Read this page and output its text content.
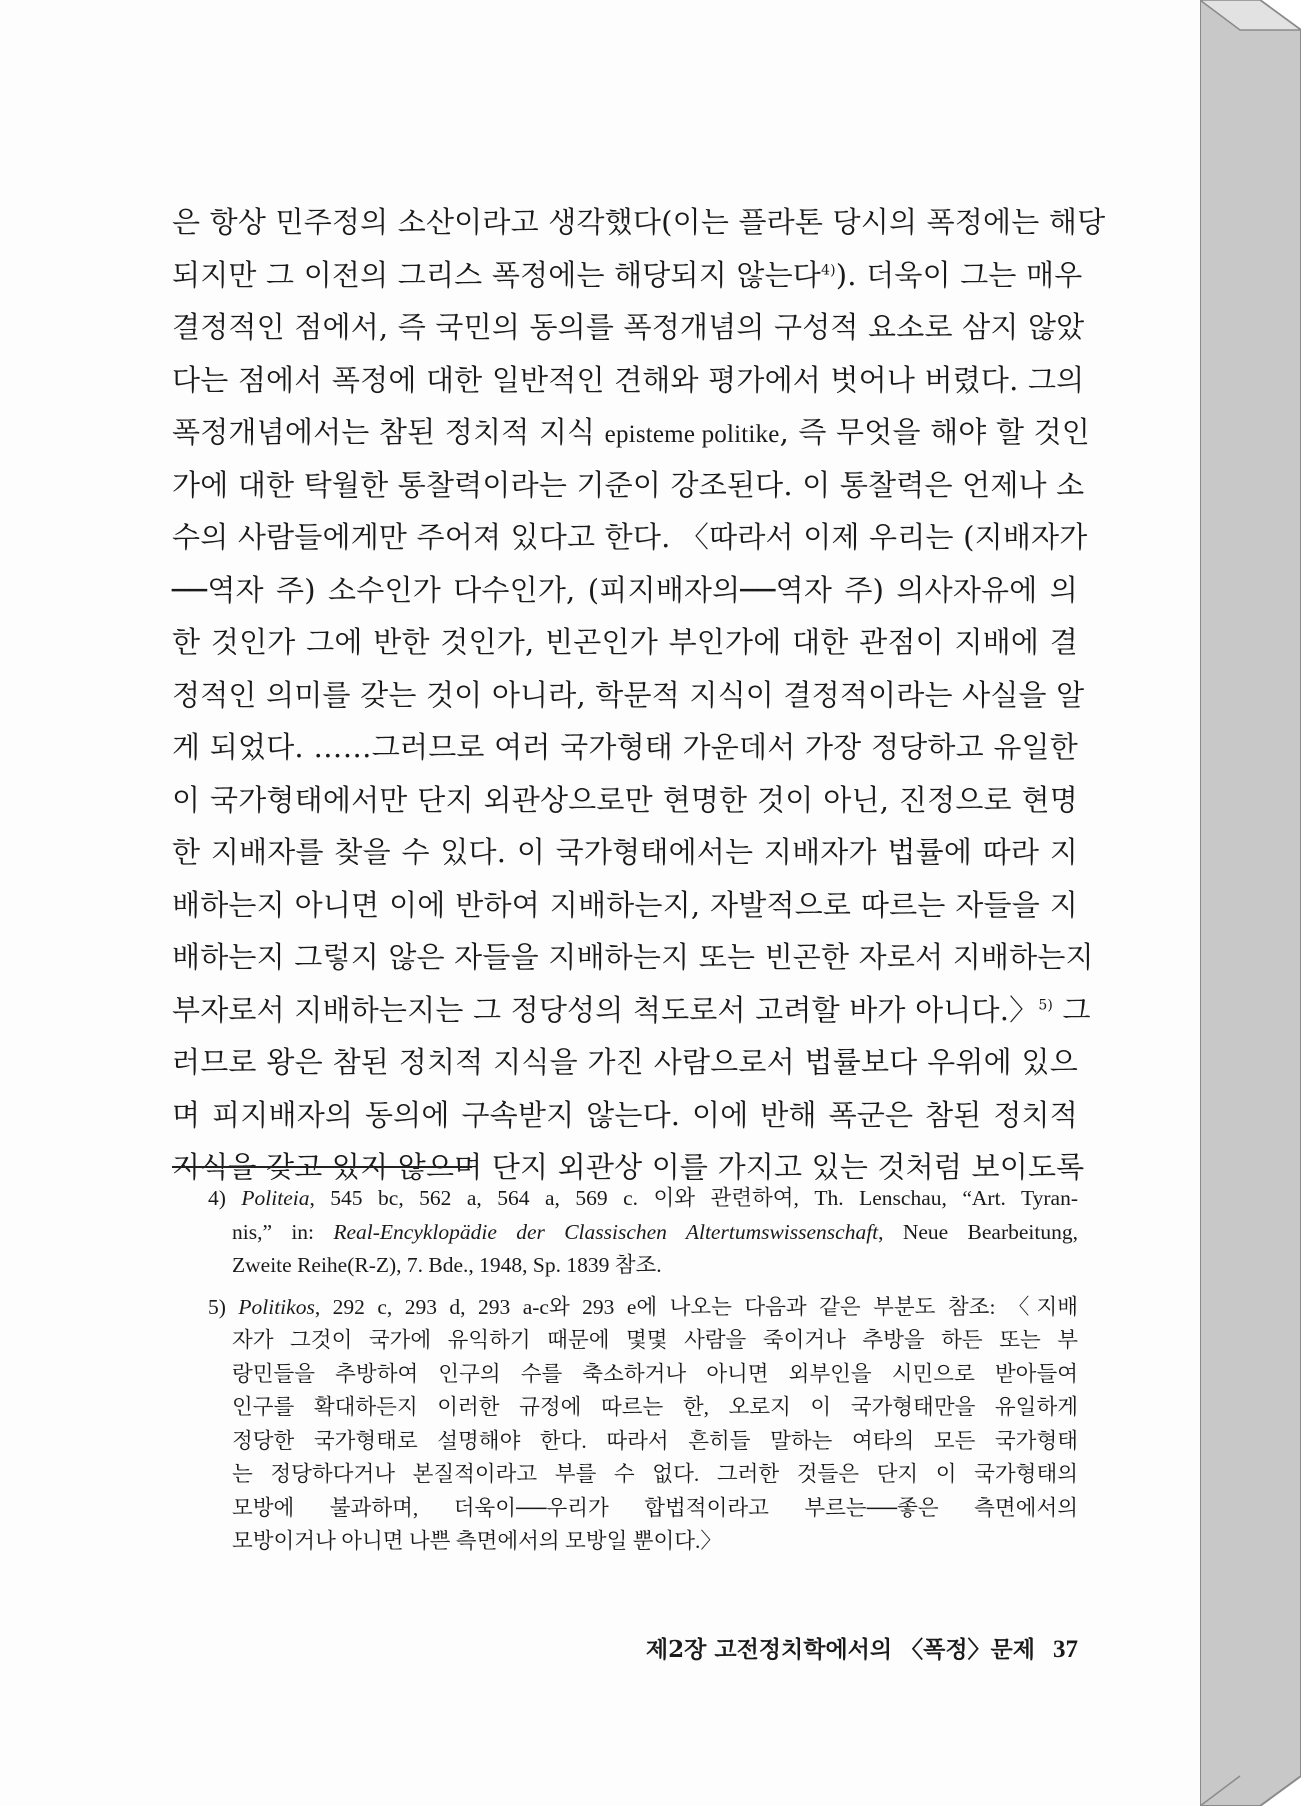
은 항상 민주정의 소산이라고 생각했다(이는 플라톤 당시의 폭정에는 해당
되지만 그 이전의 그리스 폭정에는 해당되지 않는다$^{4)}$). 더욱이 그는 매우
결정적인 점에서, 즉 국민의 동의를 폭정개념의 구성적 요소로 삼지 않았
다는 점에서 폭정에 대한 일반적인 견해와 평가에서 벗어나 버렸다. 그의
폭정개념에서는 참된 정치적 지식 episteme politike, 즉 무엇을 해야 할 것인
가에 대한 탁월한 통찰력이라는 기준이 강조된다. 이 통찰력은 언제나 소
수의 사람들에게만 주어져 있다고 한다. 〈따라서 이제 우리는 (지배자가
──역자 주) 소수인가 다수인가, (피지배자의──역자 주) 의사자유에 의
한 것인가 그에 반한 것인가, 빈곤인가 부인가에 대한 관점이 지배에 결
정적인 의미를 갖는 것이 아니라, 학문적 지식이 결정적이라는 사실을 알
게 되었다. ……그러므로 여러 국가형태 가운데서 가장 정당하고 유일한
이 국가형태에서만 단지 외관상으로만 현명한 것이 아닌, 진정으로 현명
한 지배자를 찾을 수 있다. 이 국가형태에서는 지배자가 법률에 따라 지
배하는지 아니면 이에 반하여 지배하는지, 자발적으로 따르는 자들을 지
배하는지 그렇지 않은 자들을 지배하는지 또는 빈곤한 자로서 지배하는지
부자로서 지배하는지는 그 정당성의 척도로서 고려할 바가 아니다.〉$^{5)}$ 그
러므로 왕은 참된 정치적 지식을 가진 사람으로서 법률보다 우위에 있으
며 피지배자의 동의에 구속받지 않는다. 이에 반해 폭군은 참된 정치적
지식을 갖고 있지 않으며 단지 외관상 이를 가지고 있는 것처럼 보이도록
4) Politeia, 545 bc, 562 a, 564 a, 569 c. 이와 관련하여, Th. Lenschau, “Art. Tyran-
nis,” in: Real-Encyklopädie der Classischen Altertumswissenschaft, Neue Bearbeitung,
Zweite Reihe(R-Z), 7. Bde., 1948, Sp. 1839 참조.
5) Politikos, 292 c, 293 d, 293 a-c와 293 e에 나오는 다음과 같은 부분도 참조: 〈지배
자가 그것이 국가에 유익하기 때문에 몇몇 사람을 죽이거나 추방을 하든 또는 부
랑민들을 추방하여 인구의 수를 축소하거나 아니면 외부인을 시민으로 받아들여
인구를 확대하든지 이러한 규정에 따르는 한, 오로지 이 국가형태만을 유일하게
정당한 국가형태로 설명해야 한다. 따라서 흔히들 말하는 여타의 모든 국가형태
는 정당하다거나 본질적이라고 부를 수 없다. 그러한 것들은 단지 이 국가형태의
모방에 불과하며, 더욱이──우리가 합법적이라고 부르는──좋은 측면에서의
모방이거나 아니면 나쁜 측면에서의 모방일 뿐이다.〉
제2장 고전정치학에서의 〈폭정〉문제 37
